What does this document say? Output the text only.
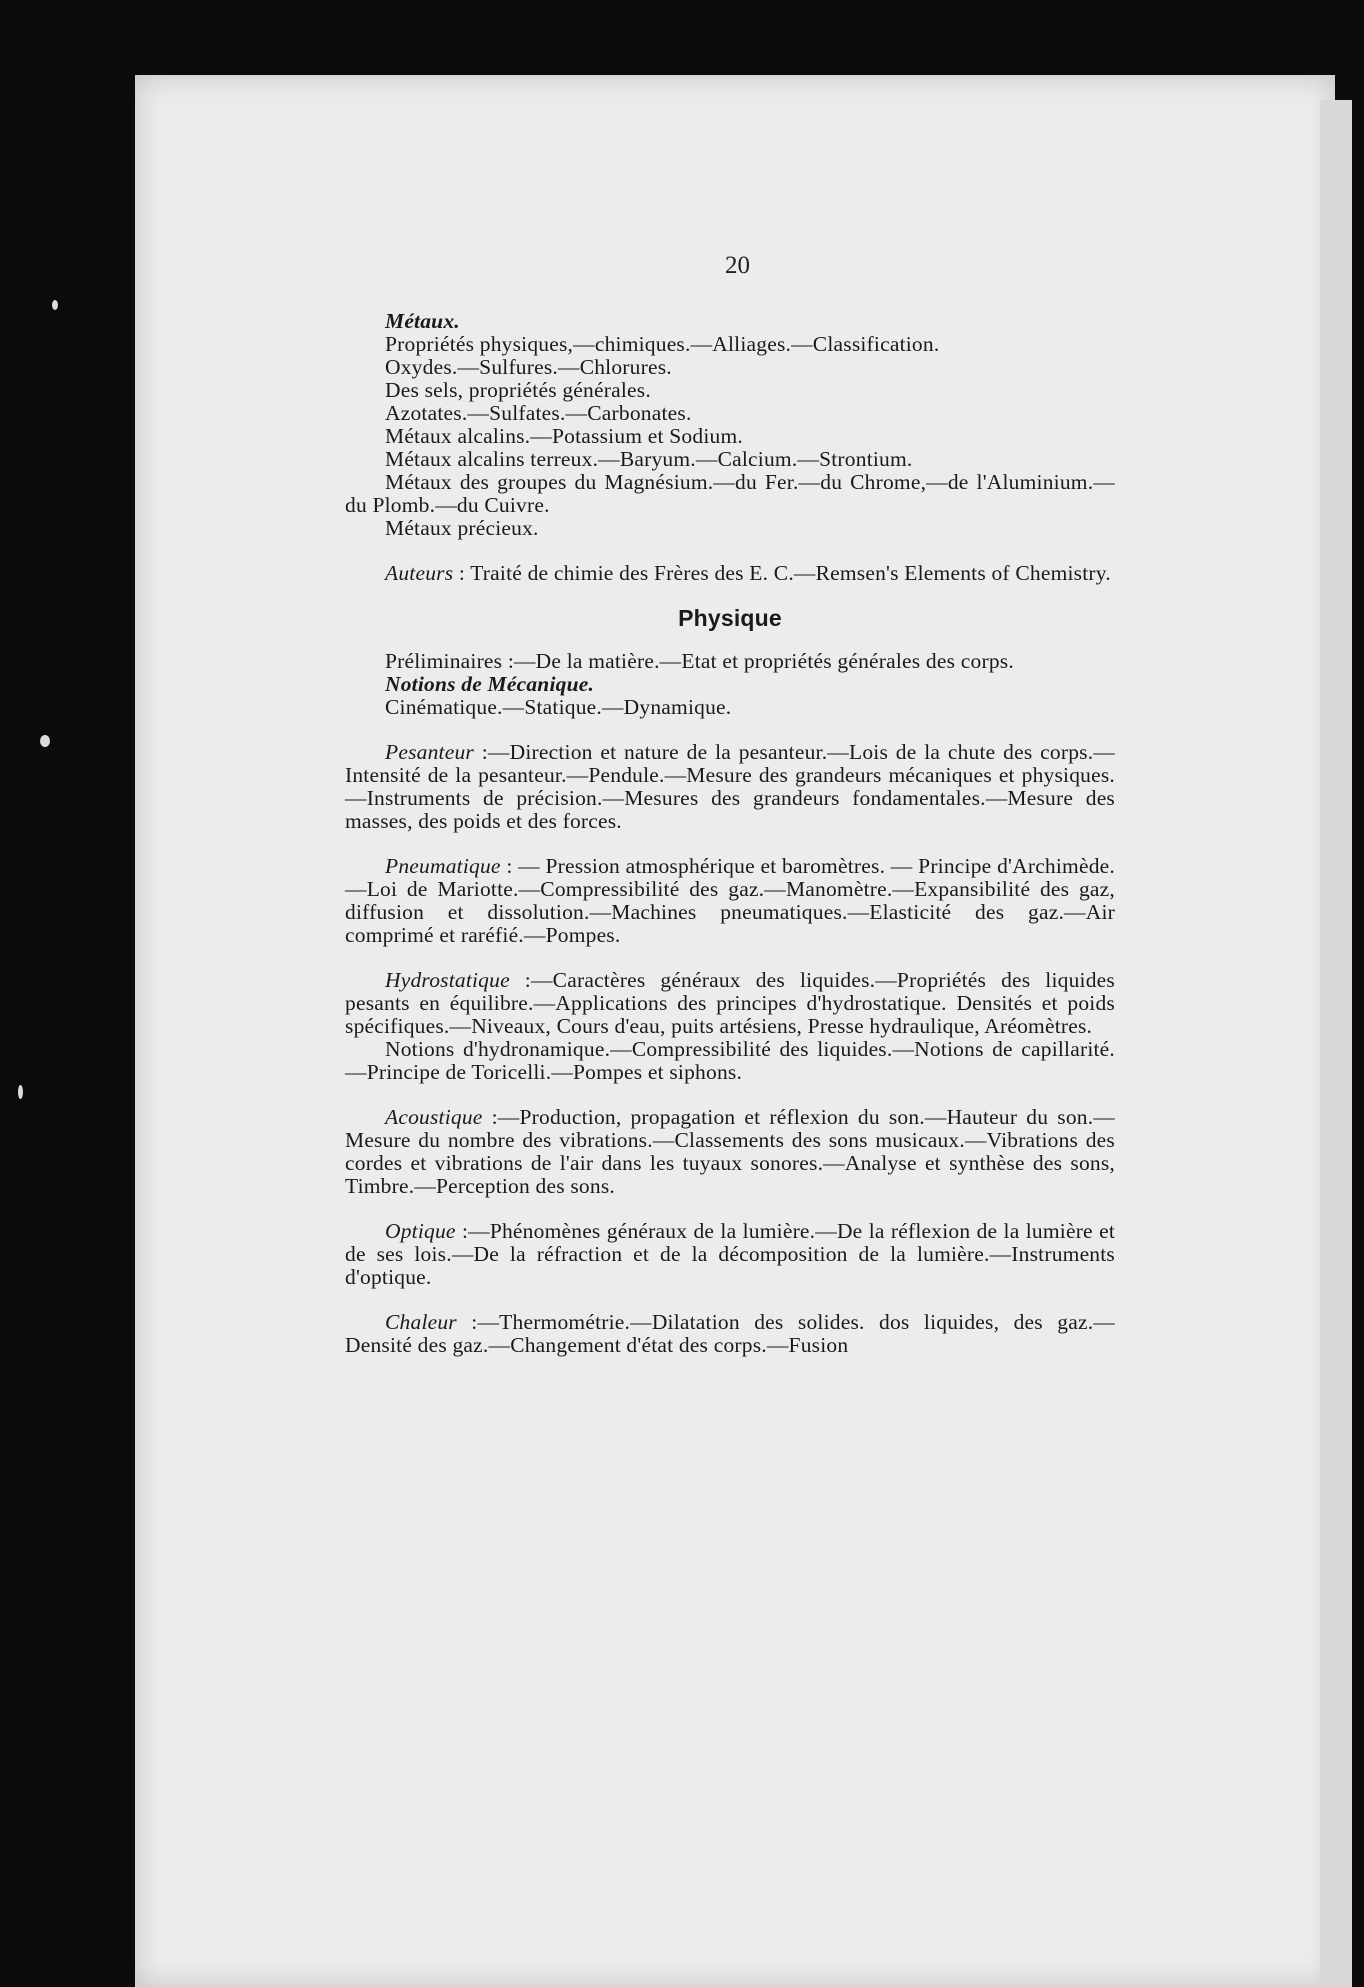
20

Métaux.

Propriétés physiques,—chimiques.—Alliages.—Classification.

Oxydes.—Sulfures.—Chlorures.

Des sels, propriétés générales.

Azotates.—Sulfates.—Carbonates.

Métaux alcalins.—Potassium et Sodium.

Métaux alcalins terreux.—Baryum.—Calcium.—Strontium.

Métaux des groupes du Magnésium.—du Fer.—du Chrome,—de l'Aluminium.—du Plomb.—du Cuivre.

Métaux précieux.

Auteurs : Traité de chimie des Frères des E. C.—Remsen's Elements of Chemistry.

Physique

Préliminaires :—De la matière.—Etat et propriétés générales des corps.

Notions de Mécanique.

Cinématique.—Statique.—Dynamique.

Pesanteur :—Direction et nature de la pesanteur.—Lois de la chute des corps.—Intensité de la pesanteur.—Pendule.—Mesure des grandeurs mécaniques et physiques.—Instruments de précision.—Mesures des grandeurs fondamentales.—Mesure des masses, des poids et des forces.

Pneumatique : — Pression atmosphérique et baromètres. — Principe d'Archimède.—Loi de Mariotte.—Compressibilité des gaz.—Manomètre.—Expansibilité des gaz, diffusion et dissolution.—Machines pneumatiques.—Elasticité des gaz.—Air comprimé et raréfié.—Pompes.

Hydrostatique :—Caractères généraux des liquides.—Propriétés des liquides pesants en équilibre.—Applications des principes d'hydrostatique. Densités et poids spécifiques.—Niveaux, Cours d'eau, puits artésiens, Presse hydraulique, Aréomètres.

Notions d'hydronamique.—Compressibilité des liquides.—Notions de capillarité.—Principe de Toricelli.—Pompes et siphons.

Acoustique :—Production, propagation et réflexion du son.—Hauteur du son.—Mesure du nombre des vibrations.—Classements des sons musicaux.—Vibrations des cordes et vibrations de l'air dans les tuyaux sonores.—Analyse et synthèse des sons, Timbre.—Perception des sons.

Optique :—Phénomènes généraux de la lumière.—De la réflexion de la lumière et de ses lois.—De la réfraction et de la décomposition de la lumière.—Instruments d'optique.

Chaleur :—Thermométrie.—Dilatation des solides. dos liquides, des gaz.—Densité des gaz.—Changement d'état des corps.—Fusion
